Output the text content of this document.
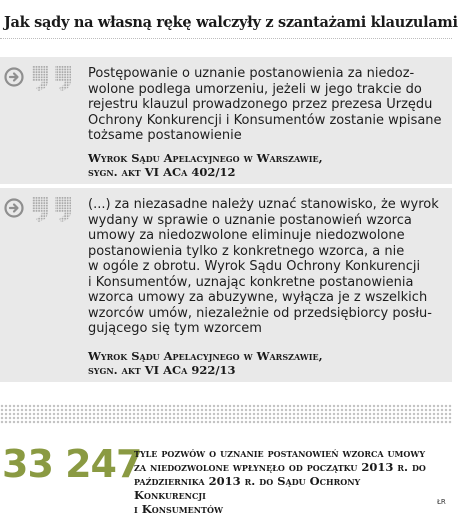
Jak sądy na własną rękę walczyły z szantażami klauzulami
Postępowanie o uznanie postanowienia za niedoz-
wolone podlega umorzeniu, jeżeli w jego trakcie do
rejestru klauzul prowadzonego przez prezesa Urzędu
Ochrony Konkurencji i Konsumentów zostanie wpisane
tożsame postanowienie
Wyrok Sądu Apelacyjnego w Warszawie,
sygn. akt VI ACa 402/12
(...) za niezasadne należy uznać stanowisko, że wyrok
wydany w sprawie o uznanie postanowień wzorca
umowy za niedozwolone eliminuje niedozwolone
postanowienia tylko z konkretnego wzorca, a nie
w ogóle z obrotu. Wyrok Sądu Ochrony Konkurencji
i Konsumentów, uznając konkretne postanowienia
wzorca umowy za abuzywne, wyłącza je z wszelkich
wzorców umów, niezależnie od przedsiębiorcy posłu-
gującego się tym wzorcem
Wyrok Sądu Apelacyjnego w Warszawie,
sygn. akt VI ACa 922/13
33 247
tyle pozwów o uznanie postanowień wzorca umowy
za niedozwolone wpłynęło od początku 2013 r. do
października 2013 r. do Sądu Ochrony Konkurencji
i Konsumentów	ŁR
